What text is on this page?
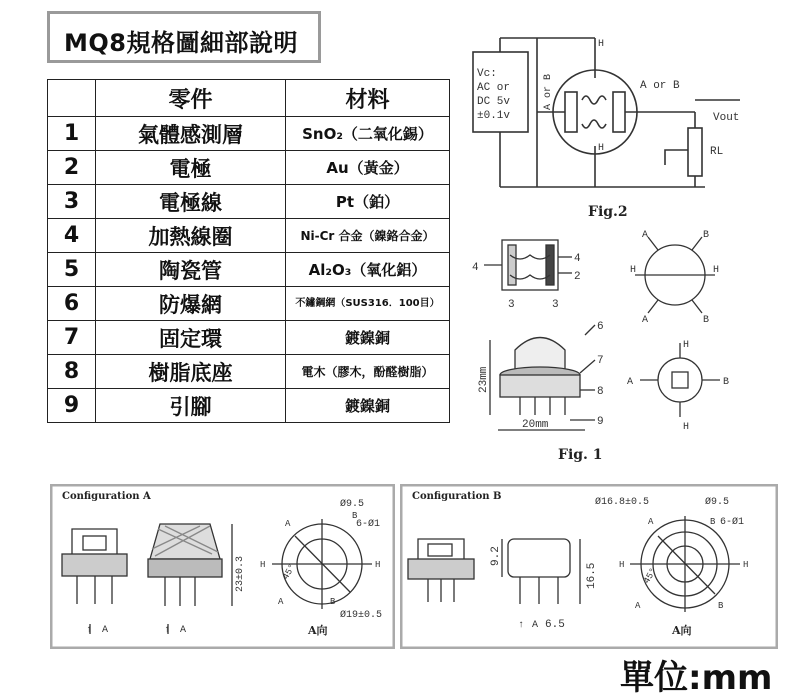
MQ8規格圖細部說明
	零件	材料
1	氣體感測層	SnO₂（二氧化錫）
2	電極	Au（黃金）
3	電極線	Pt（鉑）
4	加熱線圈	Ni-Cr 合金（鎳鉻合金）
5	陶瓷管	Al₂O₃（氧化鋁）
6	防爆網	不鏽鋼網（SUS316．100目）
7	固定環	鍍鎳銅
8	樹脂底座	電木（膠木，酚醛樹脂）
9	引腳	鍍鎳銅
Vc:
AC or
DC 5v
±0.1v
A or B
H
H
A or B
Vout
RL
Fig.2
4
4
2
3	3
6
7
8
9
23mm
20mm
A	B
H	H
A	B
H
A	B
H
Fig. 1
Configuration A
23±0.3
Ø9.5
6-Ø1
Ø19±0.5
45°
A
B
H	H
A	B
↑ A	↑ A	A向
Configuration B
9.2
16.5
6.5
Ø16.8±0.5	Ø9.5
6-Ø1
45°
A	B
H	H
A	B
↑ A	A向
單位:mm
